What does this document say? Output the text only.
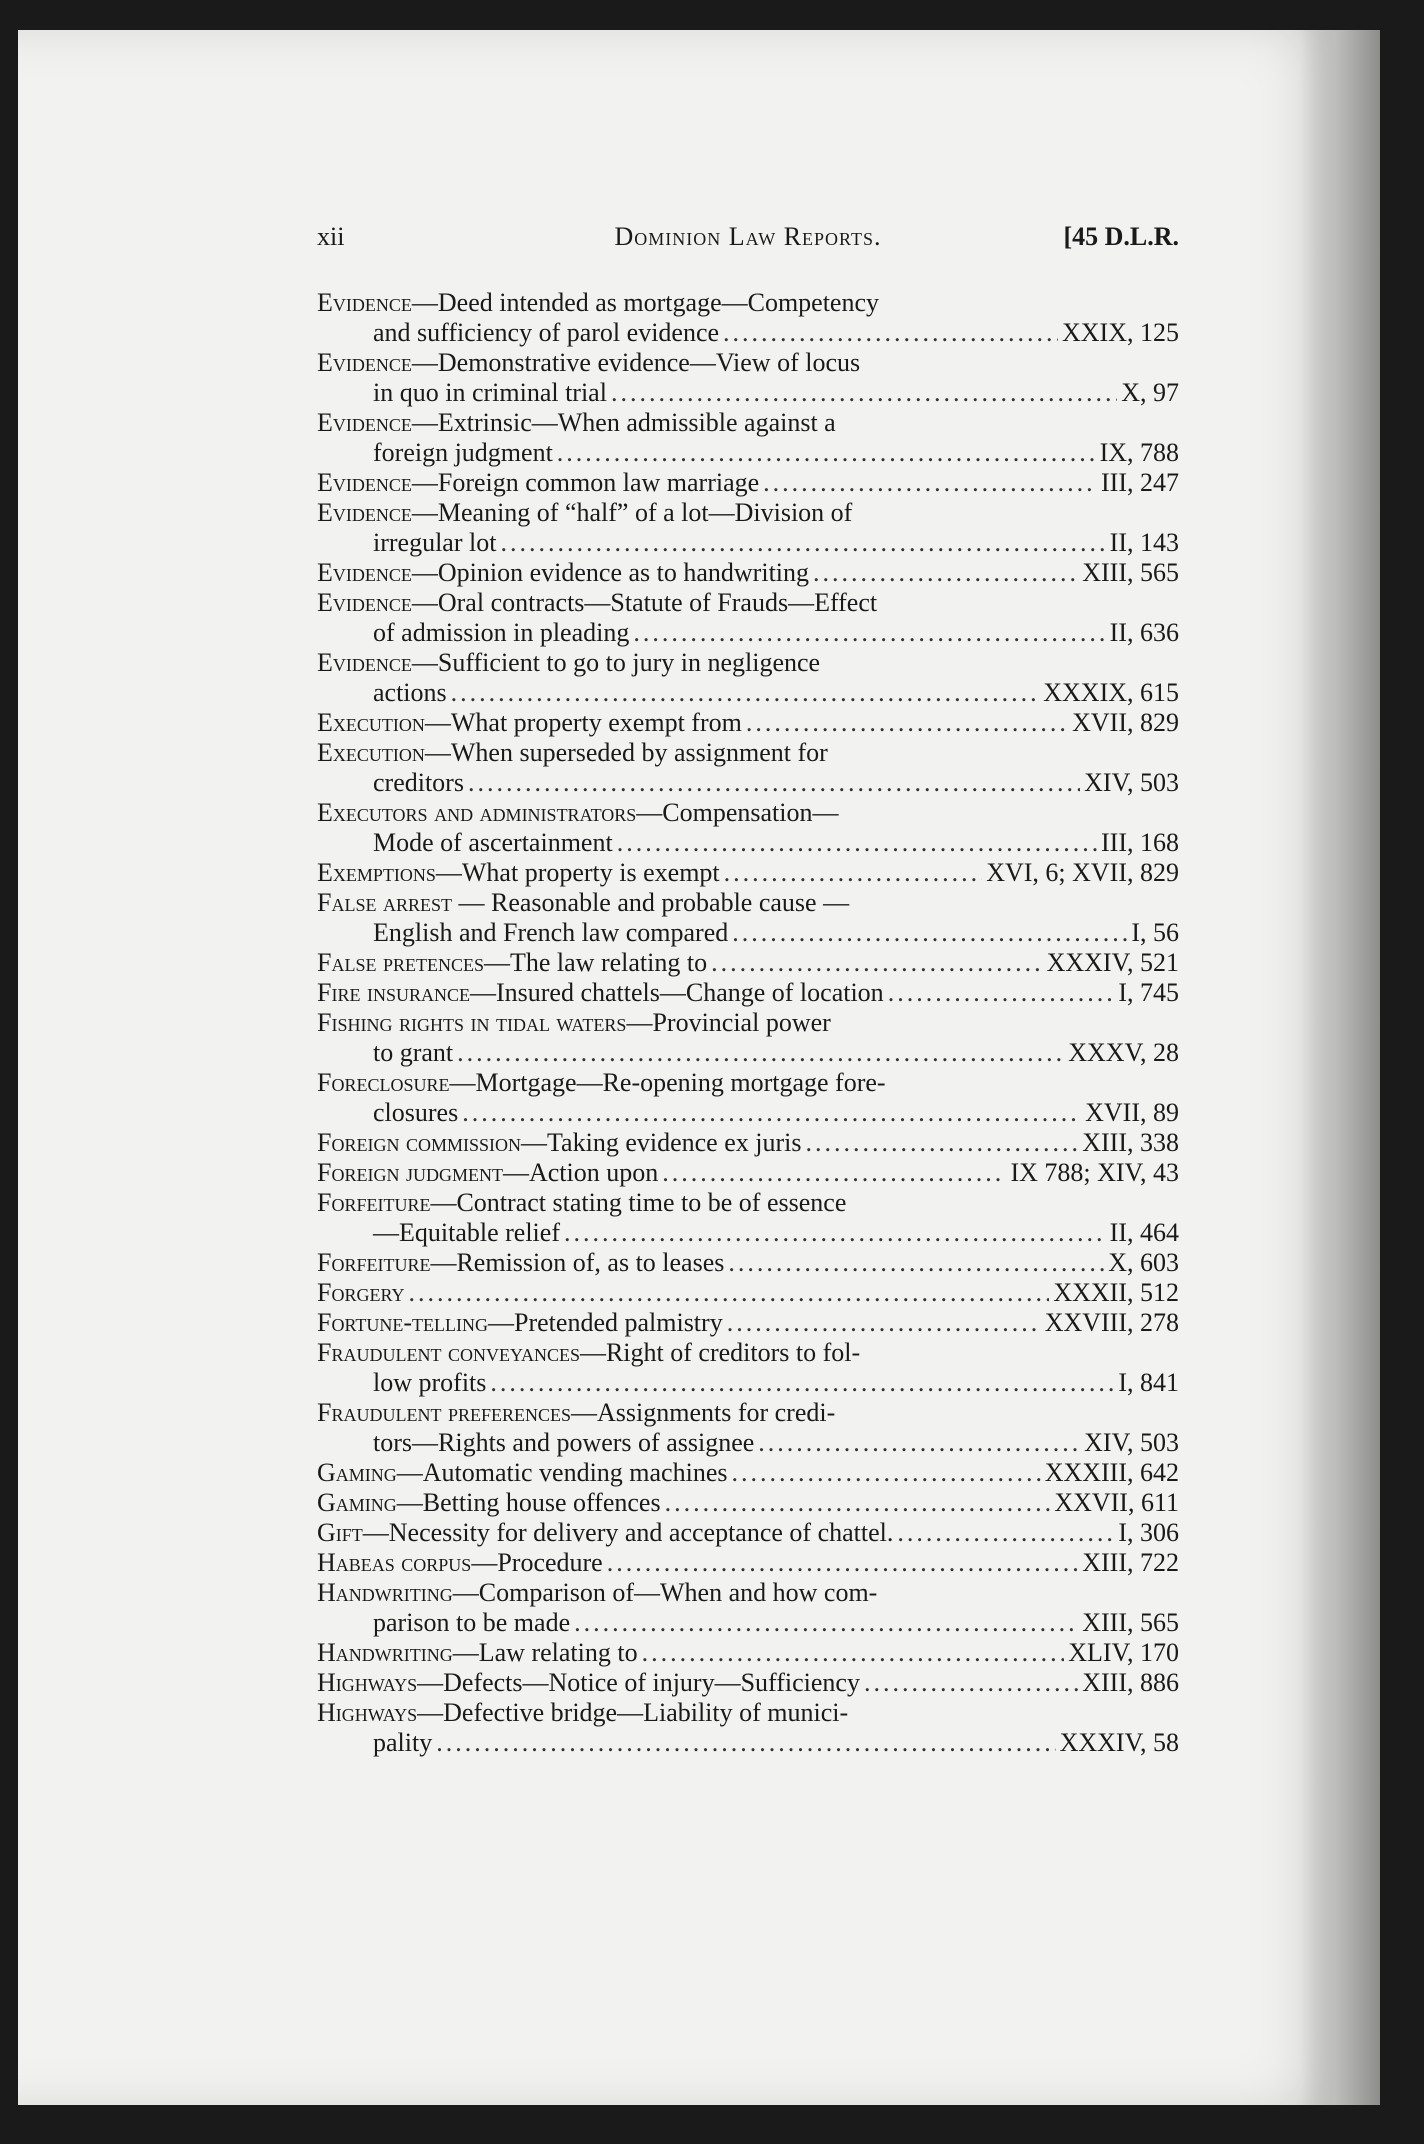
xii	Dominion Law Reports.	[45 D.L.R.
Evidence—Deed intended as mortgage—Competency
and sufficiency of parol evidence .....	XXIX, 125
Evidence—Demonstrative evidence—View of locus
in quo in criminal trial .....	X, 97
Evidence—Extrinsic—When admissible against a
foreign judgment .....	IX, 788
Evidence—Foreign common law marriage .....	III, 247
Evidence—Meaning of “half” of a lot—Division of
irregular lot .....	II, 143
Evidence—Opinion evidence as to handwriting .....	XIII, 565
Evidence—Oral contracts—Statute of Frauds—Effect
of admission in pleading .....	II, 636
Evidence—Sufficient to go to jury in negligence
actions .....	XXXIX, 615
Execution—What property exempt from .....	XVII, 829
Execution—When superseded by assignment for
creditors .....	XIV, 503
Executors and administrators—Compensation—
Mode of ascertainment .....	III, 168
Exemptions—What property is exempt .....	XVI, 6; XVII, 829
False arrest — Reasonable and probable cause —
English and French law compared .....	I, 56
False pretences—The law relating to .....	XXXIV, 521
Fire insurance—Insured chattels—Change of location .....	I, 745
Fishing rights in tidal waters—Provincial power
to grant .....	XXXV, 28
Foreclosure—Mortgage—Re-opening mortgage fore-
closures .....	XVII, 89
Foreign commission—Taking evidence ex juris .....	XIII, 338
Foreign judgment—Action upon .....	IX 788; XIV, 43
Forfeiture—Contract stating time to be of essence
—Equitable relief .....	II, 464
Forfeiture—Remission of, as to leases .....	X, 603
Forgery .....	XXXII, 512
Fortune-telling—Pretended palmistry .....	XXVIII, 278
Fraudulent conveyances—Right of creditors to fol-
low profits .....	I, 841
Fraudulent preferences—Assignments for credi-
tors—Rights and powers of assignee .....	XIV, 503
Gaming—Automatic vending machines .....	XXXIII, 642
Gaming—Betting house offences .....	XXVII, 611
Gift—Necessity for delivery and acceptance of chattel. .....	I, 306
Habeas corpus—Procedure .....	XIII, 722
Handwriting—Comparison of—When and how com-
parison to be made .....	XIII, 565
Handwriting—Law relating to .....	XLIV, 170
Highways—Defects—Notice of injury—Sufficiency .....	XIII, 886
Highways—Defective bridge—Liability of munici-
pality .....	XXXIV, 58
